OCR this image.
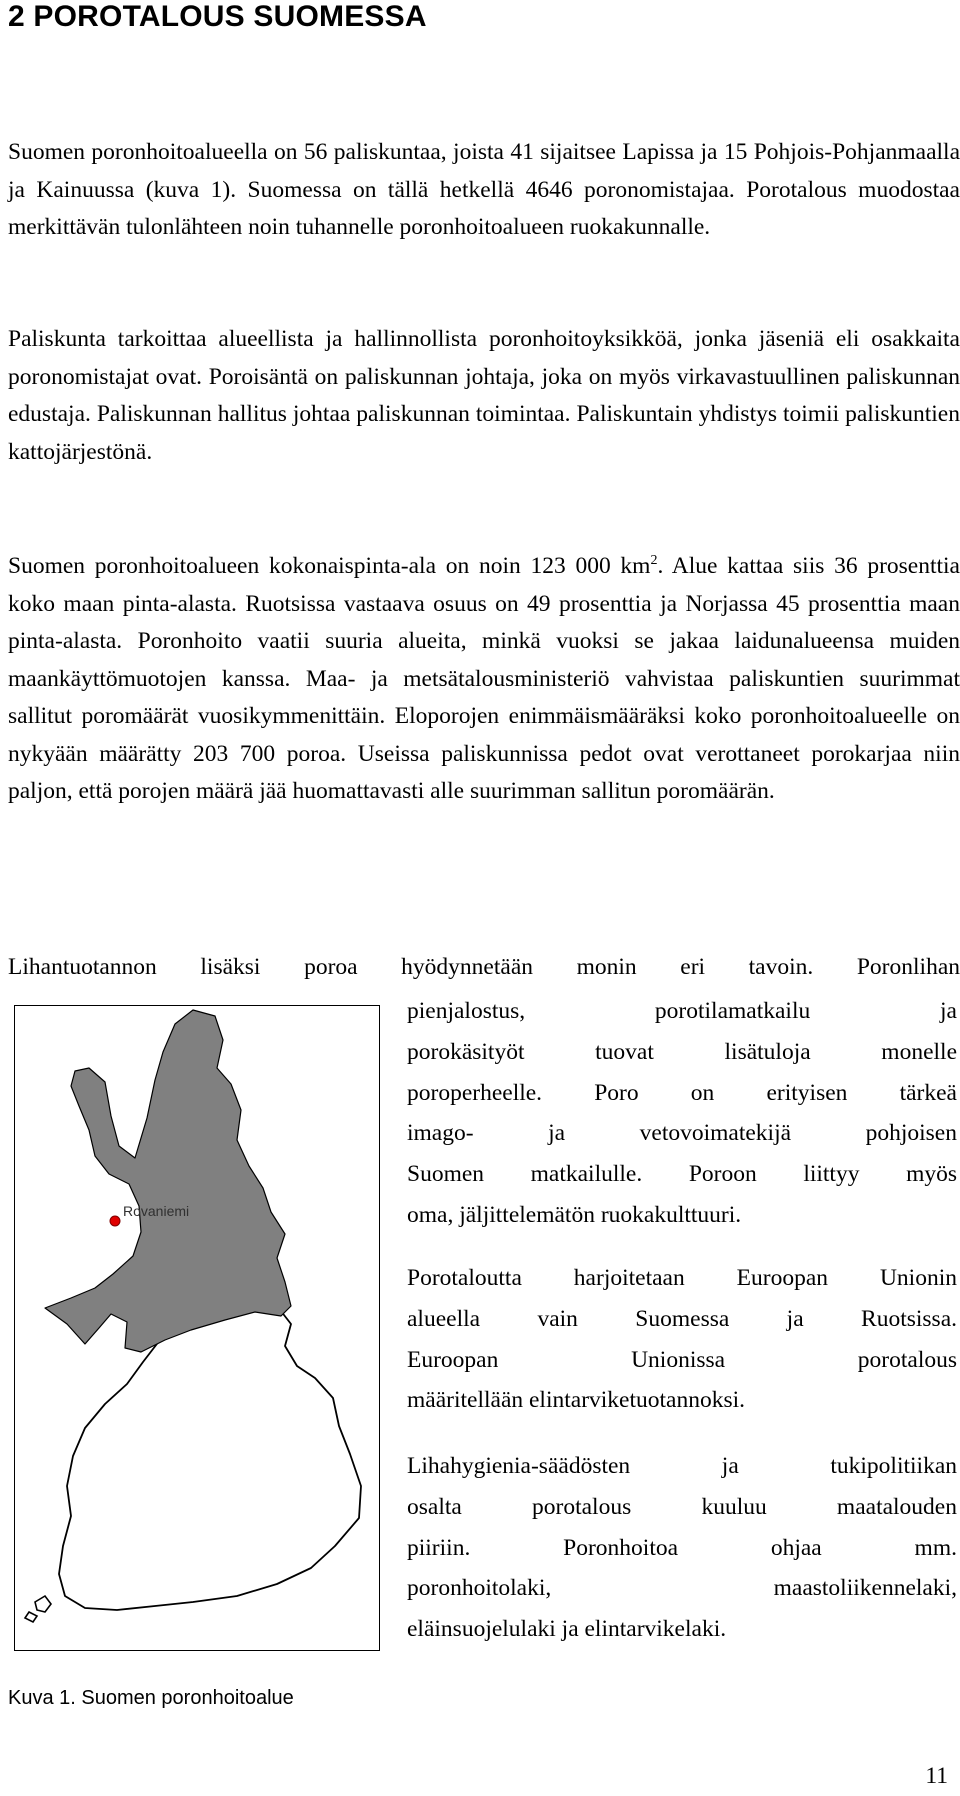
2 POROTALOUS SUOMESSA

Suomen poronhoitoalueella on 56 paliskuntaa, joista 41 sijaitsee Lapissa ja 15 Pohjois-Pohjanmaalla ja Kainuussa (kuva 1). Suomessa on tällä hetkellä 4646 poronomistajaa. Porotalous muodostaa merkittävän tulonlähteen noin tuhannelle poronhoitoalueen ruokakunnalle.

Paliskunta tarkoittaa alueellista ja hallinnollista poronhoitoyksikköä, jonka jäseniä eli osakkaita poronomistajat ovat. Poroisäntä on paliskunnan johtaja, joka on myös virkavastuullinen paliskunnan edustaja. Paliskunnan hallitus johtaa paliskunnan toimintaa. Paliskuntain yhdistys toimii paliskuntien kattojärjestönä.

Suomen poronhoitoalueen kokonaispinta-ala on noin 123 000 $km^2$. Alue kattaa siis 36 prosenttia koko maan pinta-alasta. Ruotsissa vastaava osuus on 49 prosenttia ja Norjassa 45 prosenttia maan pinta-alasta. Poronhoito vaatii suuria alueita, minkä vuoksi se jakaa laidunalueensa muiden maankäyttömuotojen kanssa. Maa- ja metsätalousministeriö vahvistaa paliskuntien suurimmat sallitut poromäärät vuosikymmenittäin. Eloporojen enimmäismääräksi koko poronhoitoalueelle on nykyään määrätty 203 700 poroa. Useissa paliskunnissa pedot ovat verottaneet porokarjaa niin paljon, että porojen määrä jää huomattavasti alle suurimman sallitun poromäärän.

Lihantuotannon lisäksi poroa hyödynnetään monin eri tavoin. Poronlihan

Rovaniemi
pienjalostus, porotilamatkailu ja
porokäsityöt tuovat lisätuloja monelle
poroperheelle. Poro on erityisen tärkeä
imago- ja vetovoimatekijä pohjoisen
Suomen matkailulle. Poroon liittyy myös
oma, jäljittelemätön ruokakulttuuri.
Porotaloutta harjoitetaan Euroopan Unionin
alueella vain Suomessa ja Ruotsissa.
Euroopan Unionissa porotalous
määritellään elintarviketuotannoksi.
Lihahygienia-säädösten ja tukipolitiikan
osalta porotalous kuuluu maatalouden
piiriin. Poronhoitoa ohjaa mm.
poronhoitolaki, maastoliikennelaki,
eläinsuojelulaki ja elintarvikelaki.

Kuva 1. Suomen poronhoitoalue

11
